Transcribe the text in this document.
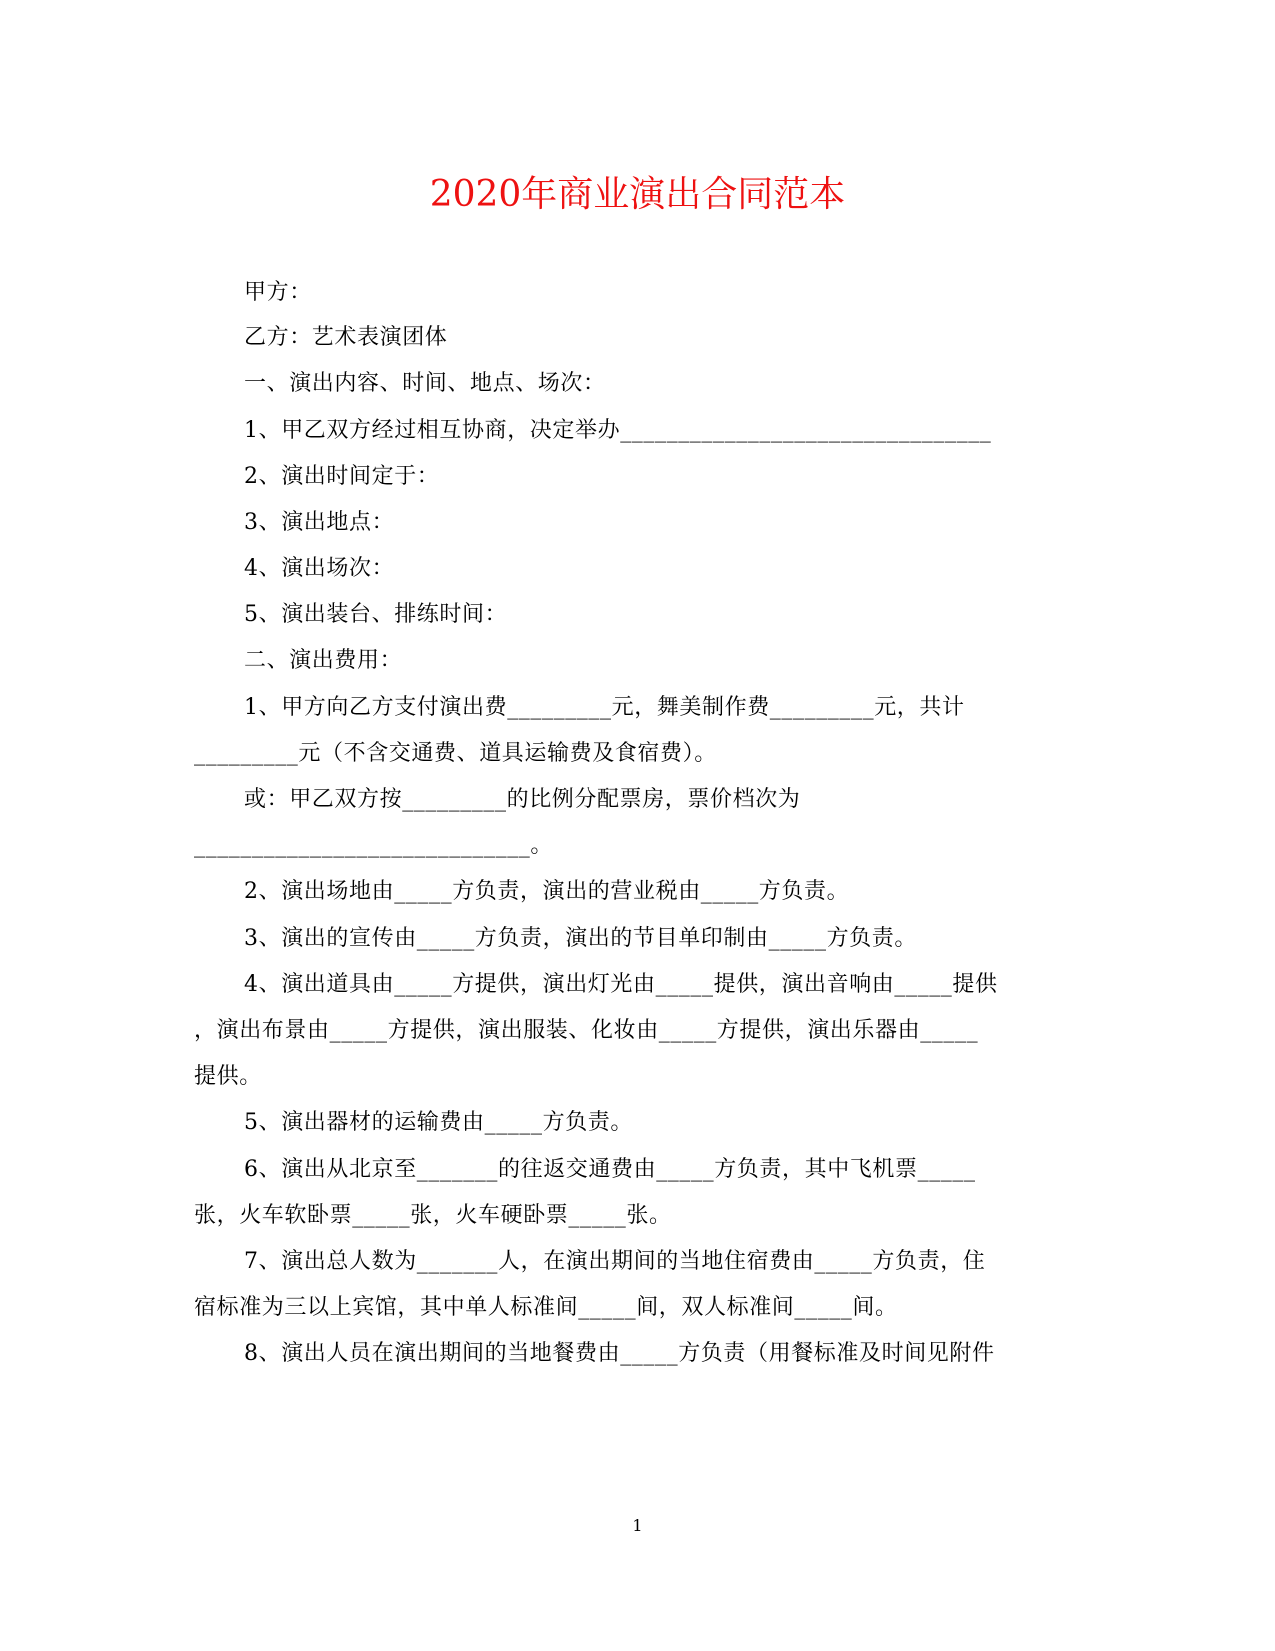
2020年商业演出合同范本
甲方：
乙方：艺术表演团体
一、演出内容、时间、地点、场次：
1、甲乙双方经过相互协商，决定举办________________________________
2、演出时间定于：
3、演出地点：
4、演出场次：
5、演出装台、排练时间：
二、演出费用：
1、甲方向乙方支付演出费_________元，舞美制作费_________元，共计
_________元（不含交通费、道具运输费及食宿费）。
或：甲乙双方按_________的比例分配票房，票价档次为
_____________________________。
2、演出场地由_____方负责，演出的营业税由_____方负责。
3、演出的宣传由_____方负责，演出的节目单印制由_____方负责。
4、演出道具由_____方提供，演出灯光由_____提供，演出音响由_____提供
，演出布景由_____方提供，演出服装、化妆由_____方提供，演出乐器由_____
提供。
5、演出器材的运输费由_____方负责。
6、演出从北京至_______的往返交通费由_____方负责，其中飞机票_____
张，火车软卧票_____张，火车硬卧票_____张。
7、演出总人数为_______人，在演出期间的当地住宿费由_____方负责，住
宿标准为三以上宾馆，其中单人标准间_____间，双人标准间_____间。
8、演出人员在演出期间的当地餐费由_____方负责（用餐标准及时间见附件
1
